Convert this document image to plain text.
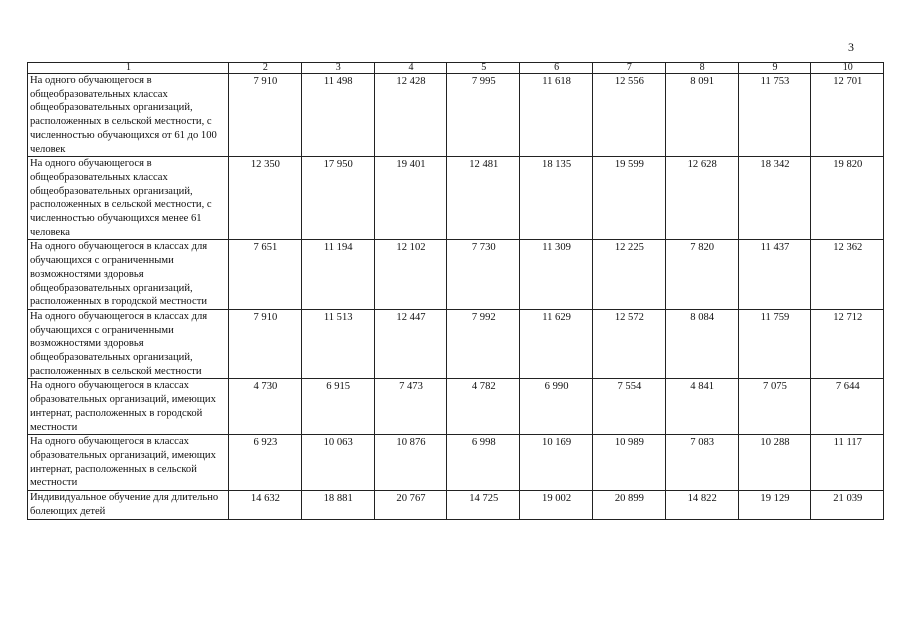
3
1	2	3	4	5	6	7	8	9	10
На одного обучающегося в общеобразовательных классах общеобразовательных организаций, расположенных в сельской местности, с численностью обучающихся от 61 до 100 человек	7 910	11 498	12 428	7 995	11 618	12 556	8 091	11 753	12 701
На одного обучающегося в общеобразовательных классах общеобразовательных организаций, расположенных в сельской местности, с численностью обучающихся менее 61 человека	12 350	17 950	19 401	12 481	18 135	19 599	12 628	18 342	19 820
На одного обучающегося в классах для обучающихся с ограниченными возможностями здоровья общеобразовательных организаций, расположенных в городской местности	7 651	11 194	12 102	7 730	11 309	12 225	7 820	11 437	12 362
На одного обучающегося в классах для обучающихся с ограниченными возможностями здоровья общеобразовательных организаций, расположенных в сельской местности	7 910	11 513	12 447	7 992	11 629	12 572	8 084	11 759	12 712
На одного обучающегося в классах образовательных организаций, имеющих интернат, расположенных в городской местности	4 730	6 915	7 473	4 782	6 990	7 554	4 841	7 075	7 644
На одного обучающегося в классах образовательных организаций, имеющих интернат, расположенных в сельской местности	6 923	10 063	10 876	6 998	10 169	10 989	7 083	10 288	11 117
Индивидуальное обучение для длительно болеющих детей	14 632	18 881	20 767	14 725	19 002	20 899	14 822	19 129	21 039
